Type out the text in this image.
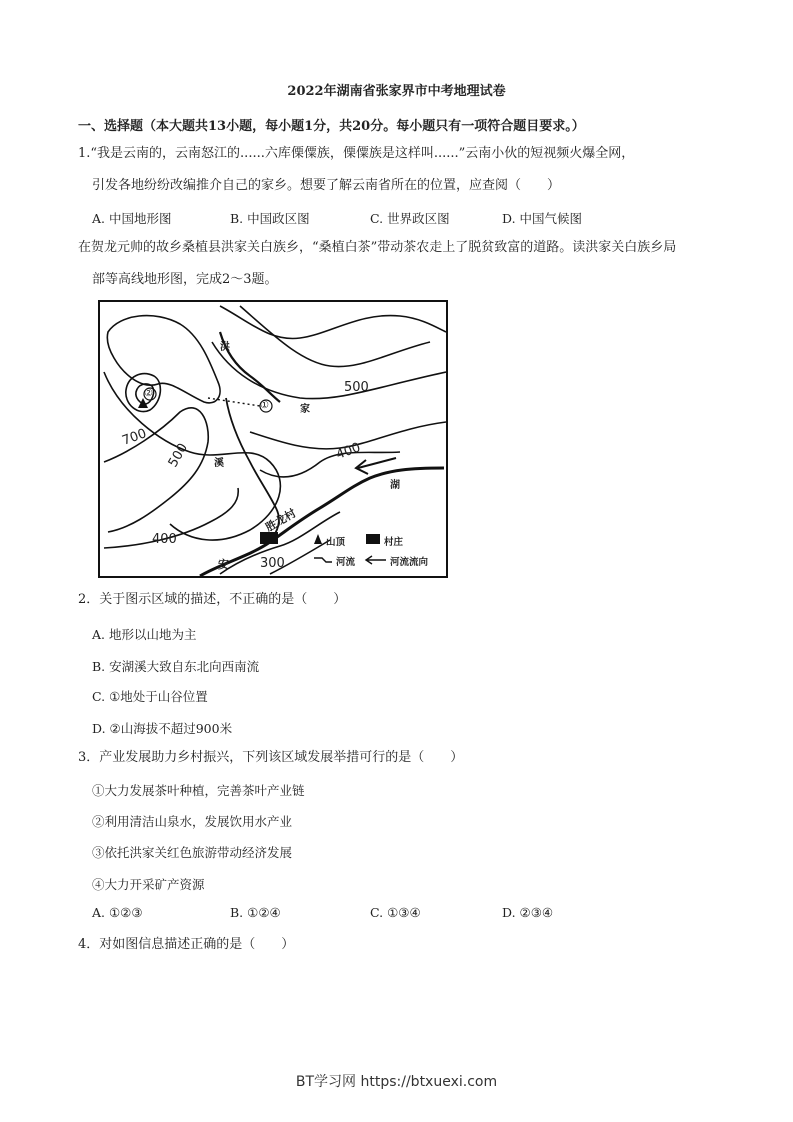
2022年湖南省张家界市中考地理试卷
一、选择题（本大题共13小题，每小题1分，共20分。每小题只有一项符合题目要求。）
1.“我是云南的，云南怒江的......六库傈僳族，傈僳族是这样叫......”云南小伙的短视频火爆全网，
引发各地纷纷改编推介自己的家乡。想要了解云南省所在的位置，应查阅（　　）
A. 中国地形图	B. 中国政区图	C. 世界政区图	D. 中国气候图
在贺龙元帅的故乡桑植县洪家关白族乡，“桑植白茶”带动茶农走上了脱贫致富的道路。读洪家关白族乡局
部等高线地形图，完成2～3题。
700
500
500
400
400
300
②
①
洪
家
溪
湖
安
胜龙村
山顶	村庄
河流	河流流向
2．关于图示区域的描述，不正确的是（　　）
A. 地形以山地为主
B. 安湖溪大致自东北向西南流
C. ①地处于山谷位置
D. ②山海拔不超过900米
3．产业发展助力乡村振兴，下列该区域发展举措可行的是（　　）
①大力发展茶叶种植，完善茶叶产业链
②利用清洁山泉水，发展饮用水产业
③依托洪家关红色旅游带动经济发展
④大力开采矿产资源
A. ①②③	B. ①②④	C. ①③④	D. ②③④
4．对如图信息描述正确的是（　　）
BT学习网 https://btxuexi.com
